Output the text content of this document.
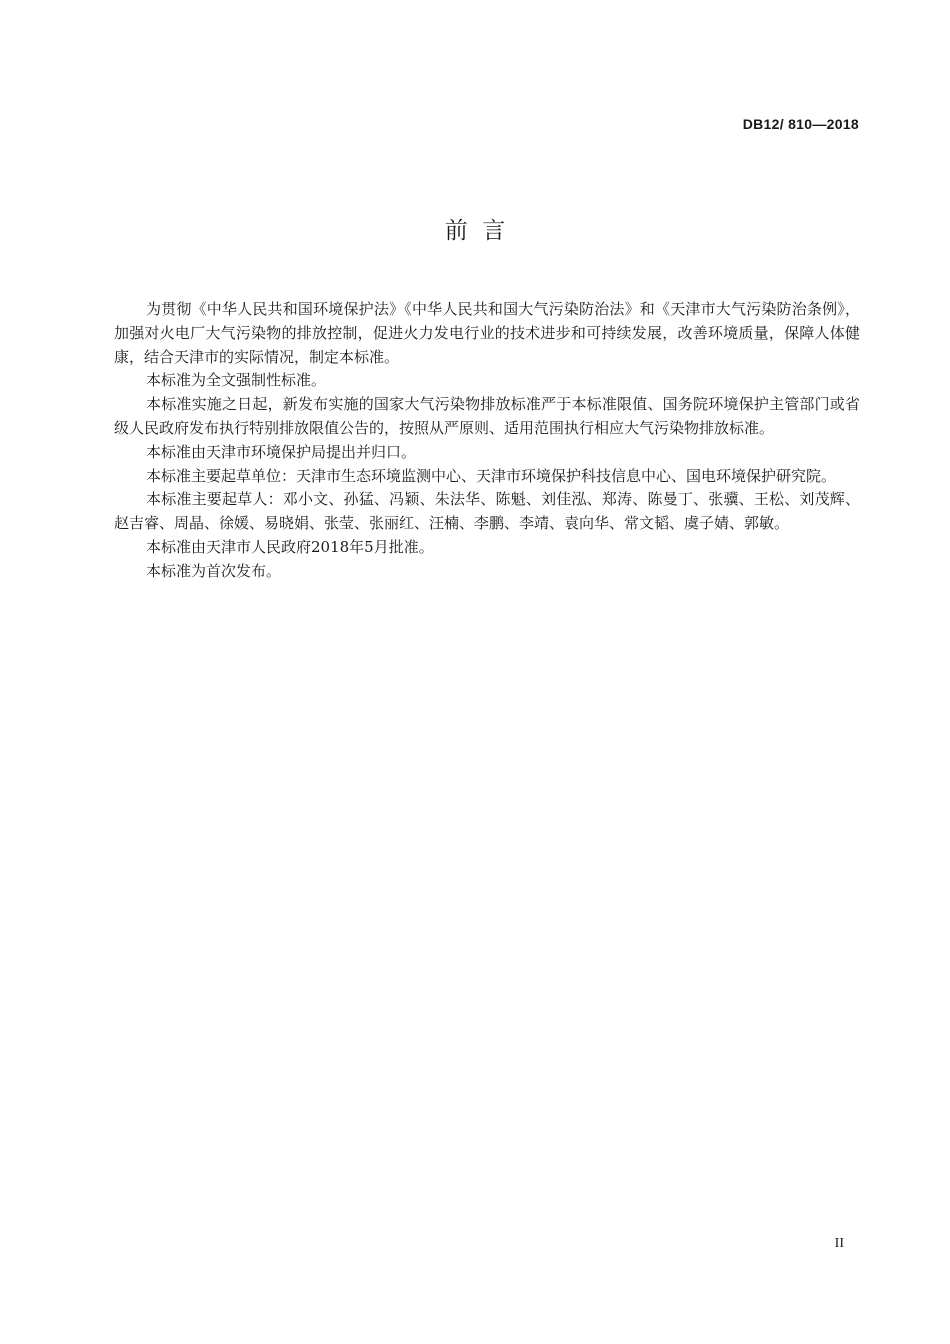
DB12/ 810—2018
前  言

为贯彻《中华人民共和国环境保护法》《中华人民共和国大气污染防治法》和《天津市大气污染防治条例》，加强对火电厂大气污染物的排放控制，促进火力发电行业的技术进步和可持续发展，改善环境质量，保障人体健康，结合天津市的实际情况，制定本标准。

本标准为全文强制性标准。

本标准实施之日起，新发布实施的国家大气污染物排放标准严于本标准限值、国务院环境保护主管部门或省级人民政府发布执行特别排放限值公告的，按照从严原则、适用范围执行相应大气污染物排放标准。

本标准由天津市环境保护局提出并归口。

本标准主要起草单位：天津市生态环境监测中心、天津市环境保护科技信息中心、国电环境保护研究院。

本标准主要起草人：邓小文、孙猛、冯颖、朱法华、陈魁、刘佳泓、郑涛、陈曼丁、张骥、王松、刘茂辉、赵吉睿、周晶、徐媛、易晓娟、张莹、张丽红、汪楠、李鹏、李靖、袁向华、常文韬、虞子婧、郭敏。

本标准由天津市人民政府2018年5月批准。

本标准为首次发布。

II
